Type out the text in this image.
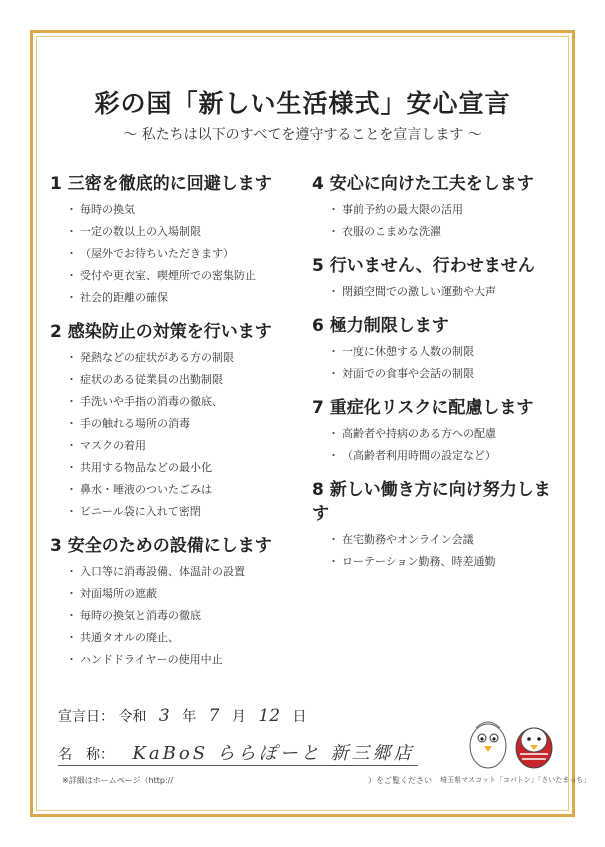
彩の国「新しい生活様式」安心宣言
～ 私たちは以下のすべてを遵守することを宣言します ～
1 三密を徹底的に回避します
・ 毎時の換気
・ 一定の数以上の入場制限
・ （屋外でお待ちいただきます）
・ 受付や更衣室、喫煙所での密集防止
・ 社会的距離の確保
2 感染防止の対策を行います
・ 発熱などの症状がある方の制限
・ 症状のある従業員の出勤制限
・ 手洗いや手指の消毒の徹底、
・ 手の触れる場所の消毒
・ マスクの着用
・ 共用する物品などの最小化
・ 鼻水・唾液のついたごみは
・ ビニール袋に入れて密閉
3 安全のための設備にします
・ 入口等に消毒設備、体温計の設置
・ 対面場所の遮蔽
・ 毎時の換気と消毒の徹底
・ 共通タオルの廃止、
・ ハンドドライヤーの使用中止
4 安心に向けた工夫をします
・ 事前予約の最大限の活用
・ 衣服のこまめな洗濯
5 行いません、行わせません
・ 閉鎖空間での激しい運動や大声
6 極力制限します
・ 一度に休憩する人数の制限
・ 対面での食事や会話の制限
7 重症化リスクに配慮します
・ 高齢者や持病のある方への配慮
・ （高齢者利用時間の設定など）
8 新しい働き方に向け努力します
・ 在宅勤務やオンライン会議
・ ローテーション勤務、時差通勤
宣言日： 令和 3 年 7 月 12 日
名　称： KaBoS ららぽーと 新三郷店
※詳細はホームページ（http://	）をご覧ください 埼玉県マスコット「コバトン」「さいたまっち」
